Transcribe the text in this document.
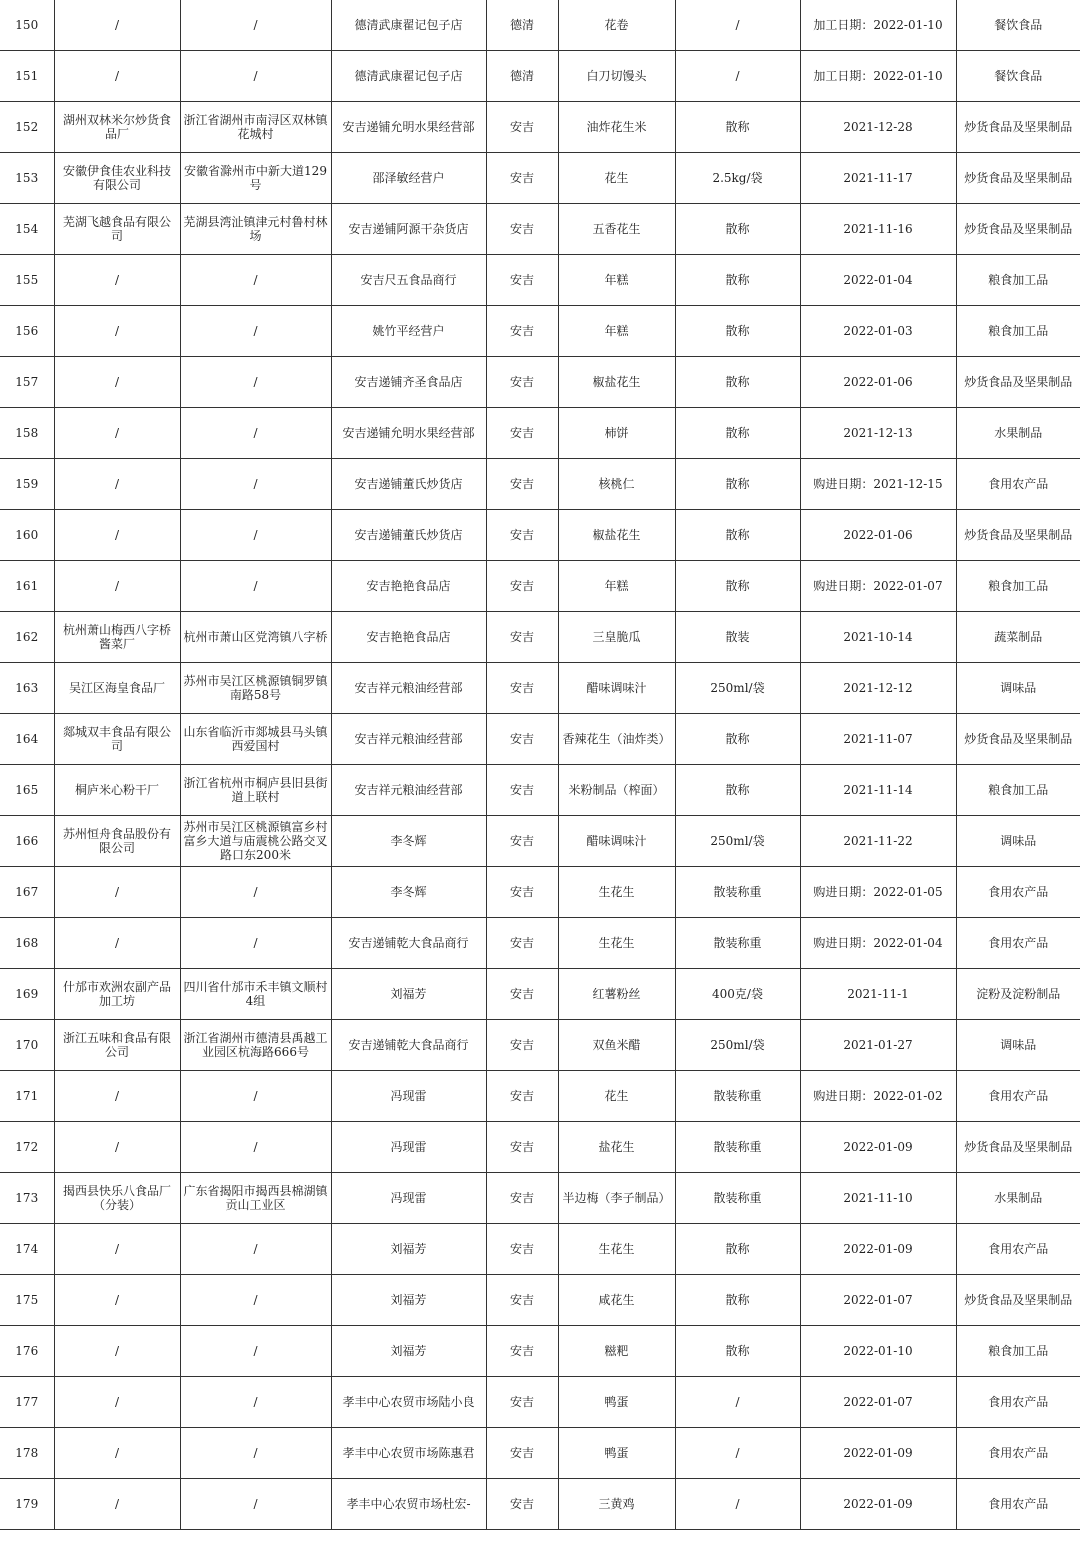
150	/	/	德清武康翟记包子店	德清	花卷	/	加工日期：2022-01-10	餐饮食品
151	/	/	德清武康翟记包子店	德清	白刀切馒头	/	加工日期：2022-01-10	餐饮食品
152	湖州双林米尔炒货食品厂	浙江省湖州市南浔区双林镇花城村	安吉递铺允明水果经营部	安吉	油炸花生米	散称	2021-12-28	炒货食品及坚果制品
153	安徽伊食佳农业科技有限公司	安徽省滁州市中新大道129号	邵泽敏经营户	安吉	花生	2.5kg/袋	2021-11-17	炒货食品及坚果制品
154	芜湖飞越食品有限公司	芜湖县湾沚镇津元村鲁村林场	安吉递铺阿源干杂货店	安吉	五香花生	散称	2021-11-16	炒货食品及坚果制品
155	/	/	安吉尺五食品商行	安吉	年糕	散称	2022-01-04	粮食加工品
156	/	/	姚竹平经营户	安吉	年糕	散称	2022-01-03	粮食加工品
157	/	/	安吉递铺齐圣食品店	安吉	椒盐花生	散称	2022-01-06	炒货食品及坚果制品
158	/	/	安吉递铺允明水果经营部	安吉	柿饼	散称	2021-12-13	水果制品
159	/	/	安吉递铺董氏炒货店	安吉	核桃仁	散称	购进日期：2021-12-15	食用农产品
160	/	/	安吉递铺董氏炒货店	安吉	椒盐花生	散称	2022-01-06	炒货食品及坚果制品
161	/	/	安吉艳艳食品店	安吉	年糕	散称	购进日期：2022-01-07	粮食加工品
162	杭州萧山梅西八字桥酱菜厂	杭州市萧山区党湾镇八字桥	安吉艳艳食品店	安吉	三皇脆瓜	散装	2021-10-14	蔬菜制品
163	吴江区海皇食品厂	苏州市吴江区桃源镇铜罗镇南路58号	安吉祥元粮油经营部	安吉	醋味调味汁	250ml/袋	2021-12-12	调味品
164	郯城双丰食品有限公司	山东省临沂市郯城县马头镇西爱国村	安吉祥元粮油经营部	安吉	香辣花生（油炸类）	散称	2021-11-07	炒货食品及坚果制品
165	桐庐米心粉干厂	浙江省杭州市桐庐县旧县街道上联村	安吉祥元粮油经营部	安吉	米粉制品（榨面）	散称	2021-11-14	粮食加工品
166	苏州恒舟食品股份有限公司	苏州市吴江区桃源镇富乡村富乡大道与庙震桃公路交叉路口东200米	李冬辉	安吉	醋味调味汁	250ml/袋	2021-11-22	调味品
167	/	/	李冬辉	安吉	生花生	散装称重	购进日期：2022-01-05	食用农产品
168	/	/	安吉递铺乾大食品商行	安吉	生花生	散装称重	购进日期：2022-01-04	食用农产品
169	什邡市欢洲农副产品加工坊	四川省什邡市禾丰镇文顺村4组	刘福芳	安吉	红薯粉丝	400克/袋	2021-11-1	淀粉及淀粉制品
170	浙江五味和食品有限公司	浙江省湖州市德清县禹越工业园区杭海路666号	安吉递铺乾大食品商行	安吉	双鱼米醋	250ml/袋	2021-01-27	调味品
171	/	/	冯现雷	安吉	花生	散装称重	购进日期：2022-01-02	食用农产品
172	/	/	冯现雷	安吉	盐花生	散装称重	2022-01-09	炒货食品及坚果制品
173	揭西县快乐八食品厂（分装）	广东省揭阳市揭西县棉湖镇贡山工业区	冯现雷	安吉	半边梅（李子制品）	散装称重	2021-11-10	水果制品
174	/	/	刘福芳	安吉	生花生	散称	2022-01-09	食用农产品
175	/	/	刘福芳	安吉	咸花生	散称	2022-01-07	炒货食品及坚果制品
176	/	/	刘福芳	安吉	糍粑	散称	2022-01-10	粮食加工品
177	/	/	孝丰中心农贸市场陆小良	安吉	鸭蛋	/	2022-01-07	食用农产品
178	/	/	孝丰中心农贸市场陈惠君	安吉	鸭蛋	/	2022-01-09	食用农产品
179	/	/	孝丰中心农贸市场杜宏-	安吉	三黄鸡	/	2022-01-09	食用农产品
